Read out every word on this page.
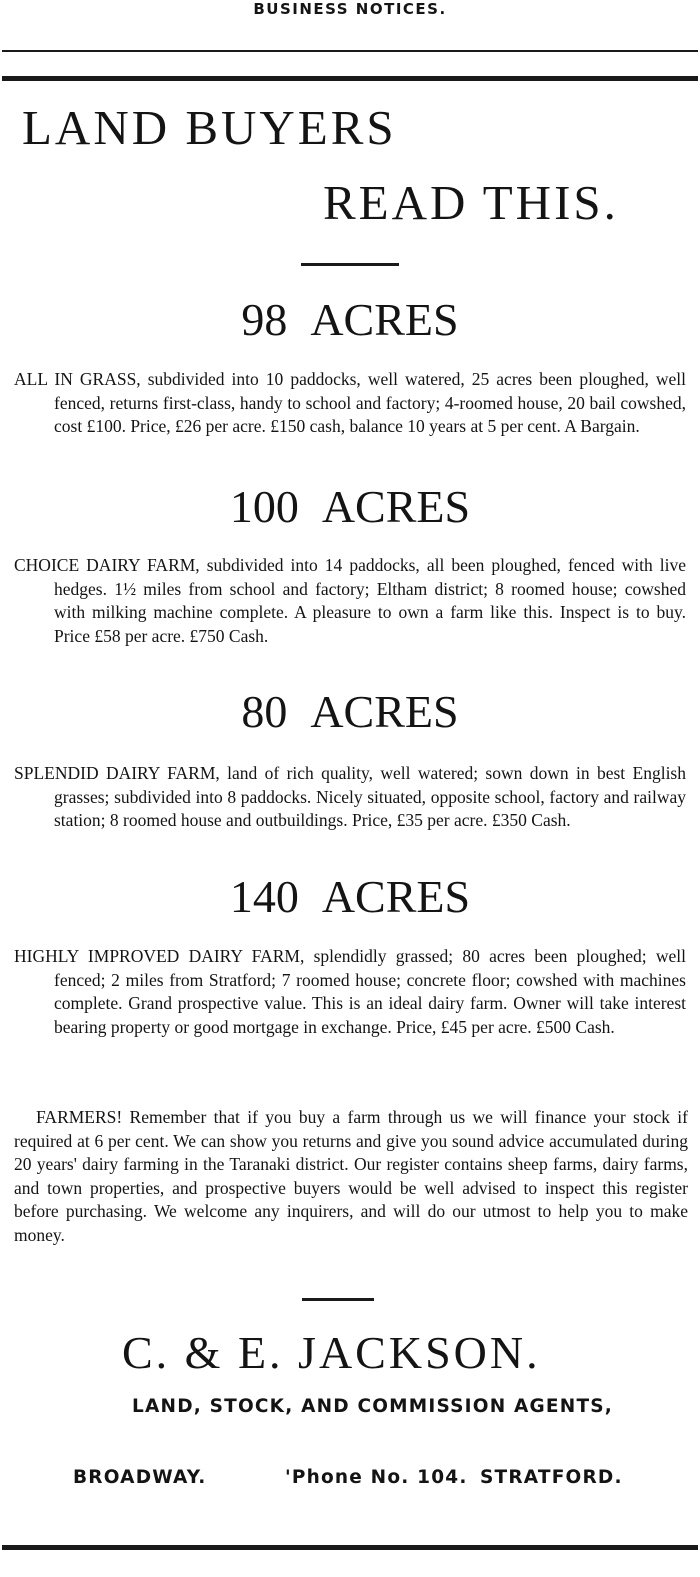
BUSINESS NOTICES.
LAND BUYERS
READ THIS.
98 ACRES
ALL IN GRASS, subdivided into 10 paddocks, well watered, 25 acres been ploughed, well fenced, returns first-class, handy to school and factory; 4-roomed house, 20 bail cowshed, cost £100. Price, £26 per acre. £150 cash, balance 10 years at 5 per cent. A Bargain.
100 ACRES
CHOICE DAIRY FARM, subdivided into 14 paddocks, all been ploughed, fenced with live hedges. 1½ miles from school and factory; Eltham district; 8 roomed house; cowshed with milking machine complete. A pleasure to own a farm like this. Inspect is to buy. Price £58 per acre. £750 Cash.
80 ACRES
SPLENDID DAIRY FARM, land of rich quality, well watered; sown down in best English grasses; subdivided into 8 paddocks. Nicely situated, opposite school, factory and railway station; 8 roomed house and outbuildings. Price, £35 per acre. £350 Cash.
140 ACRES
HIGHLY IMPROVED DAIRY FARM, splendidly grassed; 80 acres been ploughed; well fenced; 2 miles from Stratford; 7 roomed house; concrete floor; cowshed with machines complete. Grand prospective value. This is an ideal dairy farm. Owner will take interest bearing property or good mortgage in exchange. Price, £45 per acre. £500 Cash.
FARMERS! Remember that if you buy a farm through us we will finance your stock if required at 6 per cent. We can show you returns and give you sound advice accumulated during 20 years' dairy farming in the Taranaki district. Our register contains sheep farms, dairy farms, and town properties, and prospective buyers would be well advised to inspect this register before purchasing. We welcome any inquirers, and will do our utmost to help you to make money.
C. & E. JACKSON.
LAND, STOCK, AND COMMISSION AGENTS,
BROADWAY.	'Phone No. 104. STRATFORD.
